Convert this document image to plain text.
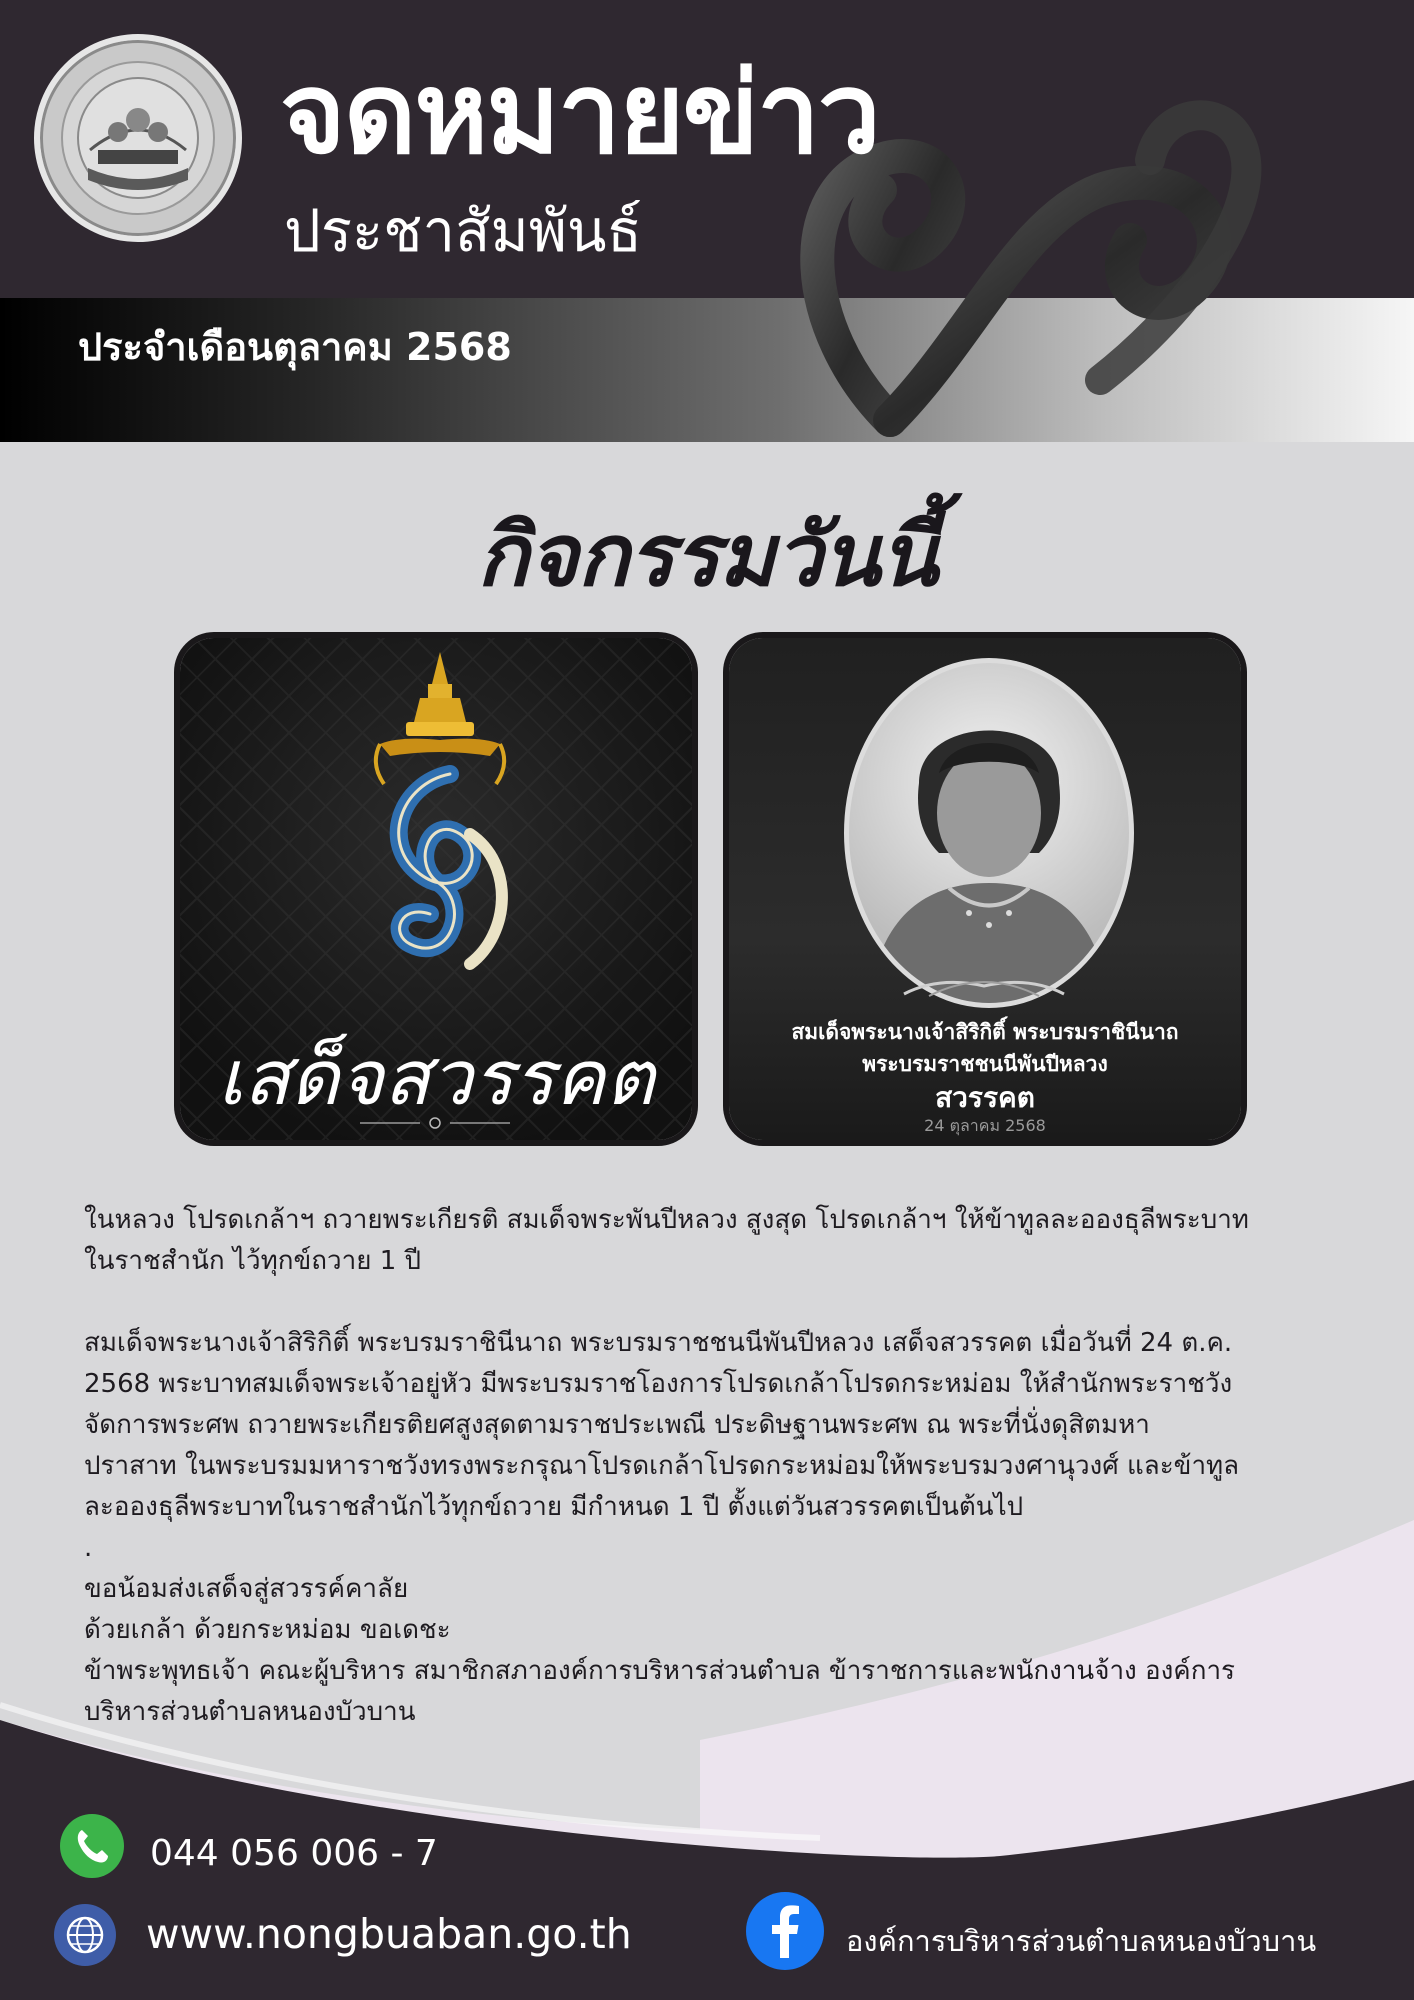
จดหมายข่าว
ประชาสัมพันธ์
ประจำเดือนตุลาคม 2568
กิจกรรมวันนี้
เสด็จสวรรคต
สมเด็จพระนางเจ้าสิริกิติ์ พระบรมราชินีนาถ
พระบรมราชชนนีพันปีหลวง
สวรรคต
24 ตุลาคม 2568

ในหลวง โปรดเกล้าฯ ถวายพระเกียรติ สมเด็จพระพันปีหลวง สูงสุด โปรดเกล้าฯ ให้ข้าทูลละอองธุลีพระบาท

ในราชสำนัก ไว้ทุกข์ถวาย 1 ปี

สมเด็จพระนางเจ้าสิริกิติ์ พระบรมราชินีนาถ พระบรมราชชนนีพันปีหลวง เสด็จสวรรคต เมื่อวันที่ 24 ต.ค.

2568 พระบาทสมเด็จพระเจ้าอยู่หัว มีพระบรมราชโองการโปรดเกล้าโปรดกระหม่อม ให้สำนักพระราชวัง

จัดการพระศพ ถวายพระเกียรติยศสูงสุดตามราชประเพณี ประดิษฐานพระศพ ณ พระที่นั่งดุสิตมหา

ปราสาท ในพระบรมมหาราชวังทรงพระกรุณาโปรดเกล้าโปรดกระหม่อมให้พระบรมวงศานุวงศ์ และข้าทูล

ละอองธุลีพระบาทในราชสำนักไว้ทุกข์ถวาย มีกำหนด 1 ปี ตั้งแต่วันสวรรคตเป็นต้นไป

.

ขอน้อมส่งเสด็จสู่สวรรค์คาลัย

ด้วยเกล้า ด้วยกระหม่อม ขอเดชะ

ข้าพระพุทธเจ้า คณะผู้บริหาร สมาชิกสภาองค์การบริหารส่วนตำบล ข้าราชการและพนักงานจ้าง องค์การ

บริหารส่วนตำบลหนองบัวบาน

044 056 006 - 7
www.nongbuaban.go.th	องค์การบริหารส่วนตำบลหนองบัวบาน
